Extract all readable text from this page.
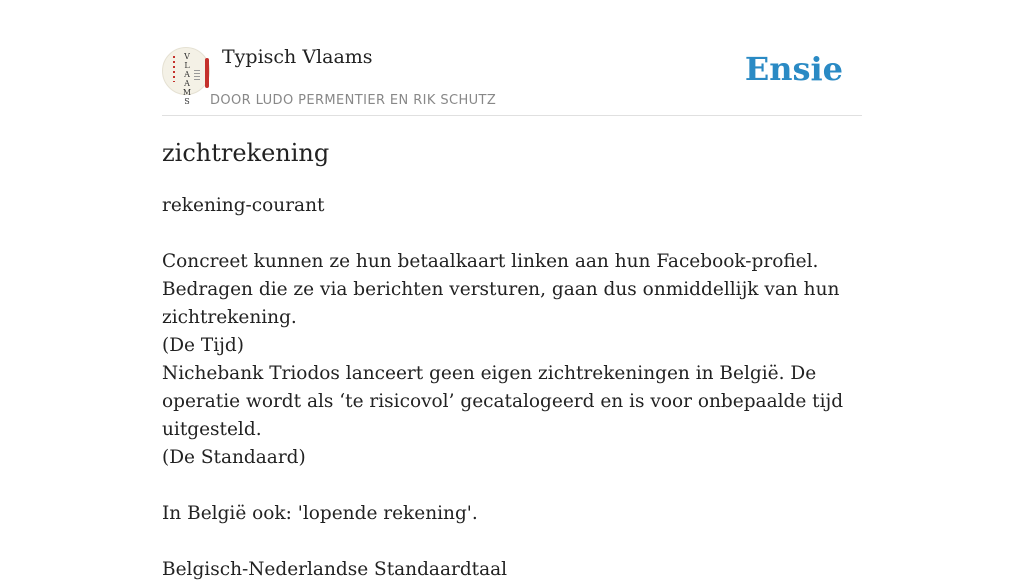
V
L
A
A
M
S
Typisch Vlaams
DOOR LUDO PERMENTIER EN RIK SCHUTZ
Ensie
zichtrekening

rekening-courant

Concreet kunnen ze hun betaalkaart linken aan hun Facebook-profiel. Bedragen die ze via berichten versturen, gaan dus onmiddellijk van hun zichtrekening.

(De Tijd)

Nichebank Triodos lanceert geen eigen zichtrekeningen in België. De operatie wordt als ‘te risicovol’ gecatalogeerd en is voor onbepaalde tijd uitgesteld.

(De Standaard)

In België ook: 'lopende rekening'.

Belgisch-Nederlandse Standaardtaal
